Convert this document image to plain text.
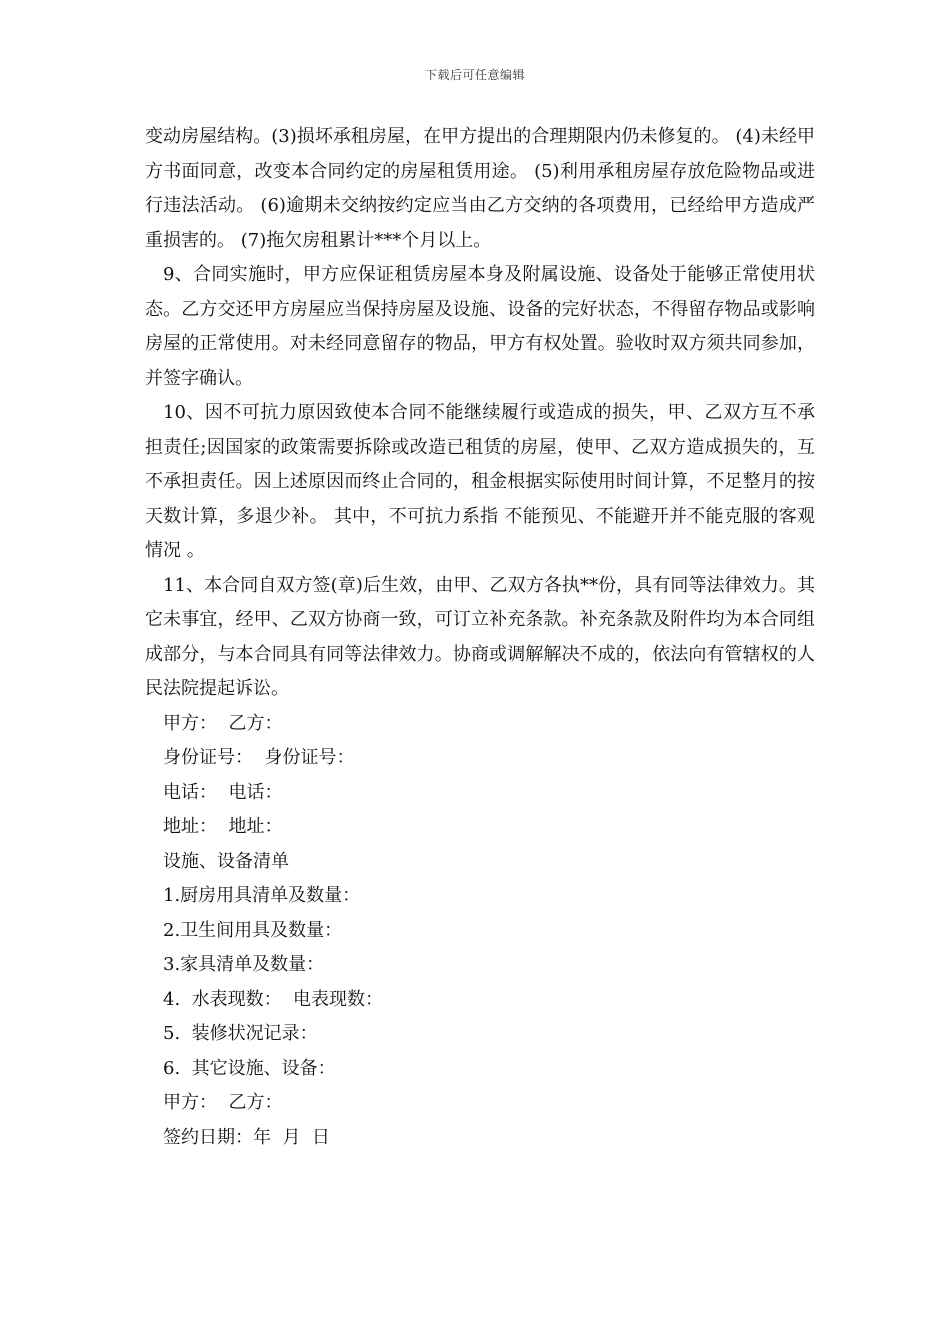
下载后可任意编辑

变动房屋结构。(3)损坏承租房屋，在甲方提出的合理期限内仍未修复的。 (4)未经甲方书面同意，改变本合同约定的房屋租赁用途。 (5)利用承租房屋存放危险物品或进行违法活动。 (6)逾期未交纳按约定应当由乙方交纳的各项费用，已经给甲方造成严重损害的。 (7)拖欠房租累计***个月以上。

9、合同实施时，甲方应保证租赁房屋本身及附属设施、设备处于能够正常使用状态。乙方交还甲方房屋应当保持房屋及设施、设备的完好状态，不得留存物品或影响房屋的正常使用。对未经同意留存的物品，甲方有权处置。验收时双方须共同参加，并签字确认。

10、因不可抗力原因致使本合同不能继续履行或造成的损失，甲、乙双方互不承担责任;因国家的政策需要拆除或改造已租赁的房屋，使甲、乙双方造成损失的，互不承担责任。因上述原因而终止合同的，租金根据实际使用时间计算，不足整月的按天数计算，多退少补。 其中，不可抗力系指 不能预见、不能避开并不能克服的客观情况 。

11、本合同自双方签(章)后生效，由甲、乙双方各执**份，具有同等法律效力。其它未事宜，经甲、乙双方协商一致，可订立补充条款。补充条款及附件均为本合同组成部分，与本合同具有同等法律效力。协商或调解解决不成的，依法向有管辖权的人民法院提起诉讼。

甲方：  乙方：

身份证号：  身份证号：

电话：  电话：

地址：  地址：

设施、设备清单

1.厨房用具清单及数量：

2.卫生间用具及数量：

3.家具清单及数量：

4.  水表现数：  电表现数：

5.  装修状况记录：

6.  其它设施、设备：

甲方：  乙方：

签约日期：年  月  日
